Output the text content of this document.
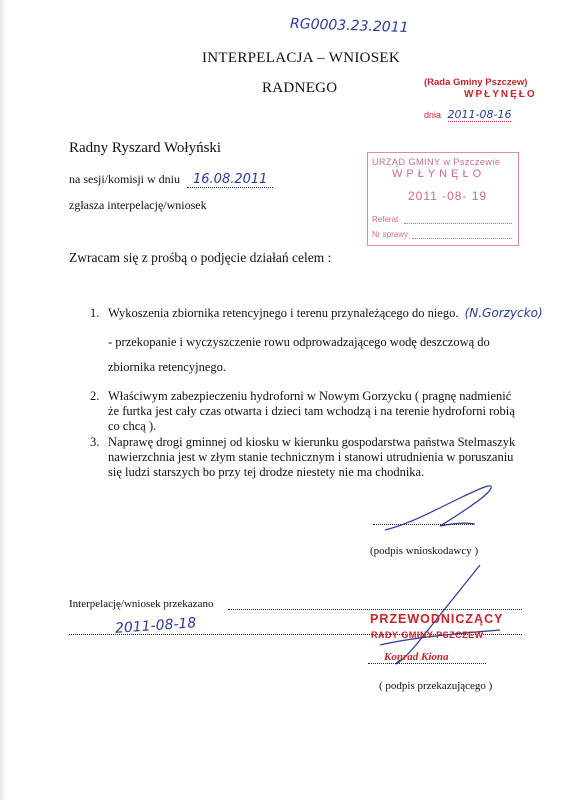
RG0003.23.2011
INTERPELACJA – WNIOSEK
RADNEGO	(Rada Gminy Pszczew)
WPŁYNĘŁO
dnia 2011-08-16
Radny Ryszard Wołyński
na sesji/komisji w dniu 16.08.2011
zgłasza interpelację/wniosek
URZĄD GMINY w Pszczewie
WPŁYNĘŁO
2011 -08- 19
Referat
Nr sprawy
Zwracam się z prośbą o podjęcie działań celem :
1. Wykoszenia zbiornika retencyjnego i terenu przynależącego do niego. (N.Gorzycko)
- przekopanie i wyczyszczenie rowu odprowadzającego wodę deszczową do
zbiornika retencyjnego.
2. Właściwym zabezpieczeniu hydroforni w Nowym Gorzycku ( pragnę nadmienić
że furtka jest cały czas otwarta i dzieci tam wchodzą i na terenie hydroforni robią
co chcą ).
3. Naprawę drogi gminnej od kiosku w kierunku gospodarstwa państwa Stelmaszyk
nawierzchnia jest w złym stanie technicznym i stanowi utrudnienia w poruszaniu
się ludzi starszych bo przy tej drodze niestety nie ma chodnika.
(podpis wnioskodawcy )
Interpelację/wniosek przekazano
2011-08-18	PRZEWODNICZĄCY
RADY GMINY PSZCZEW
Konrad Kiona
( podpis przekazującego )
